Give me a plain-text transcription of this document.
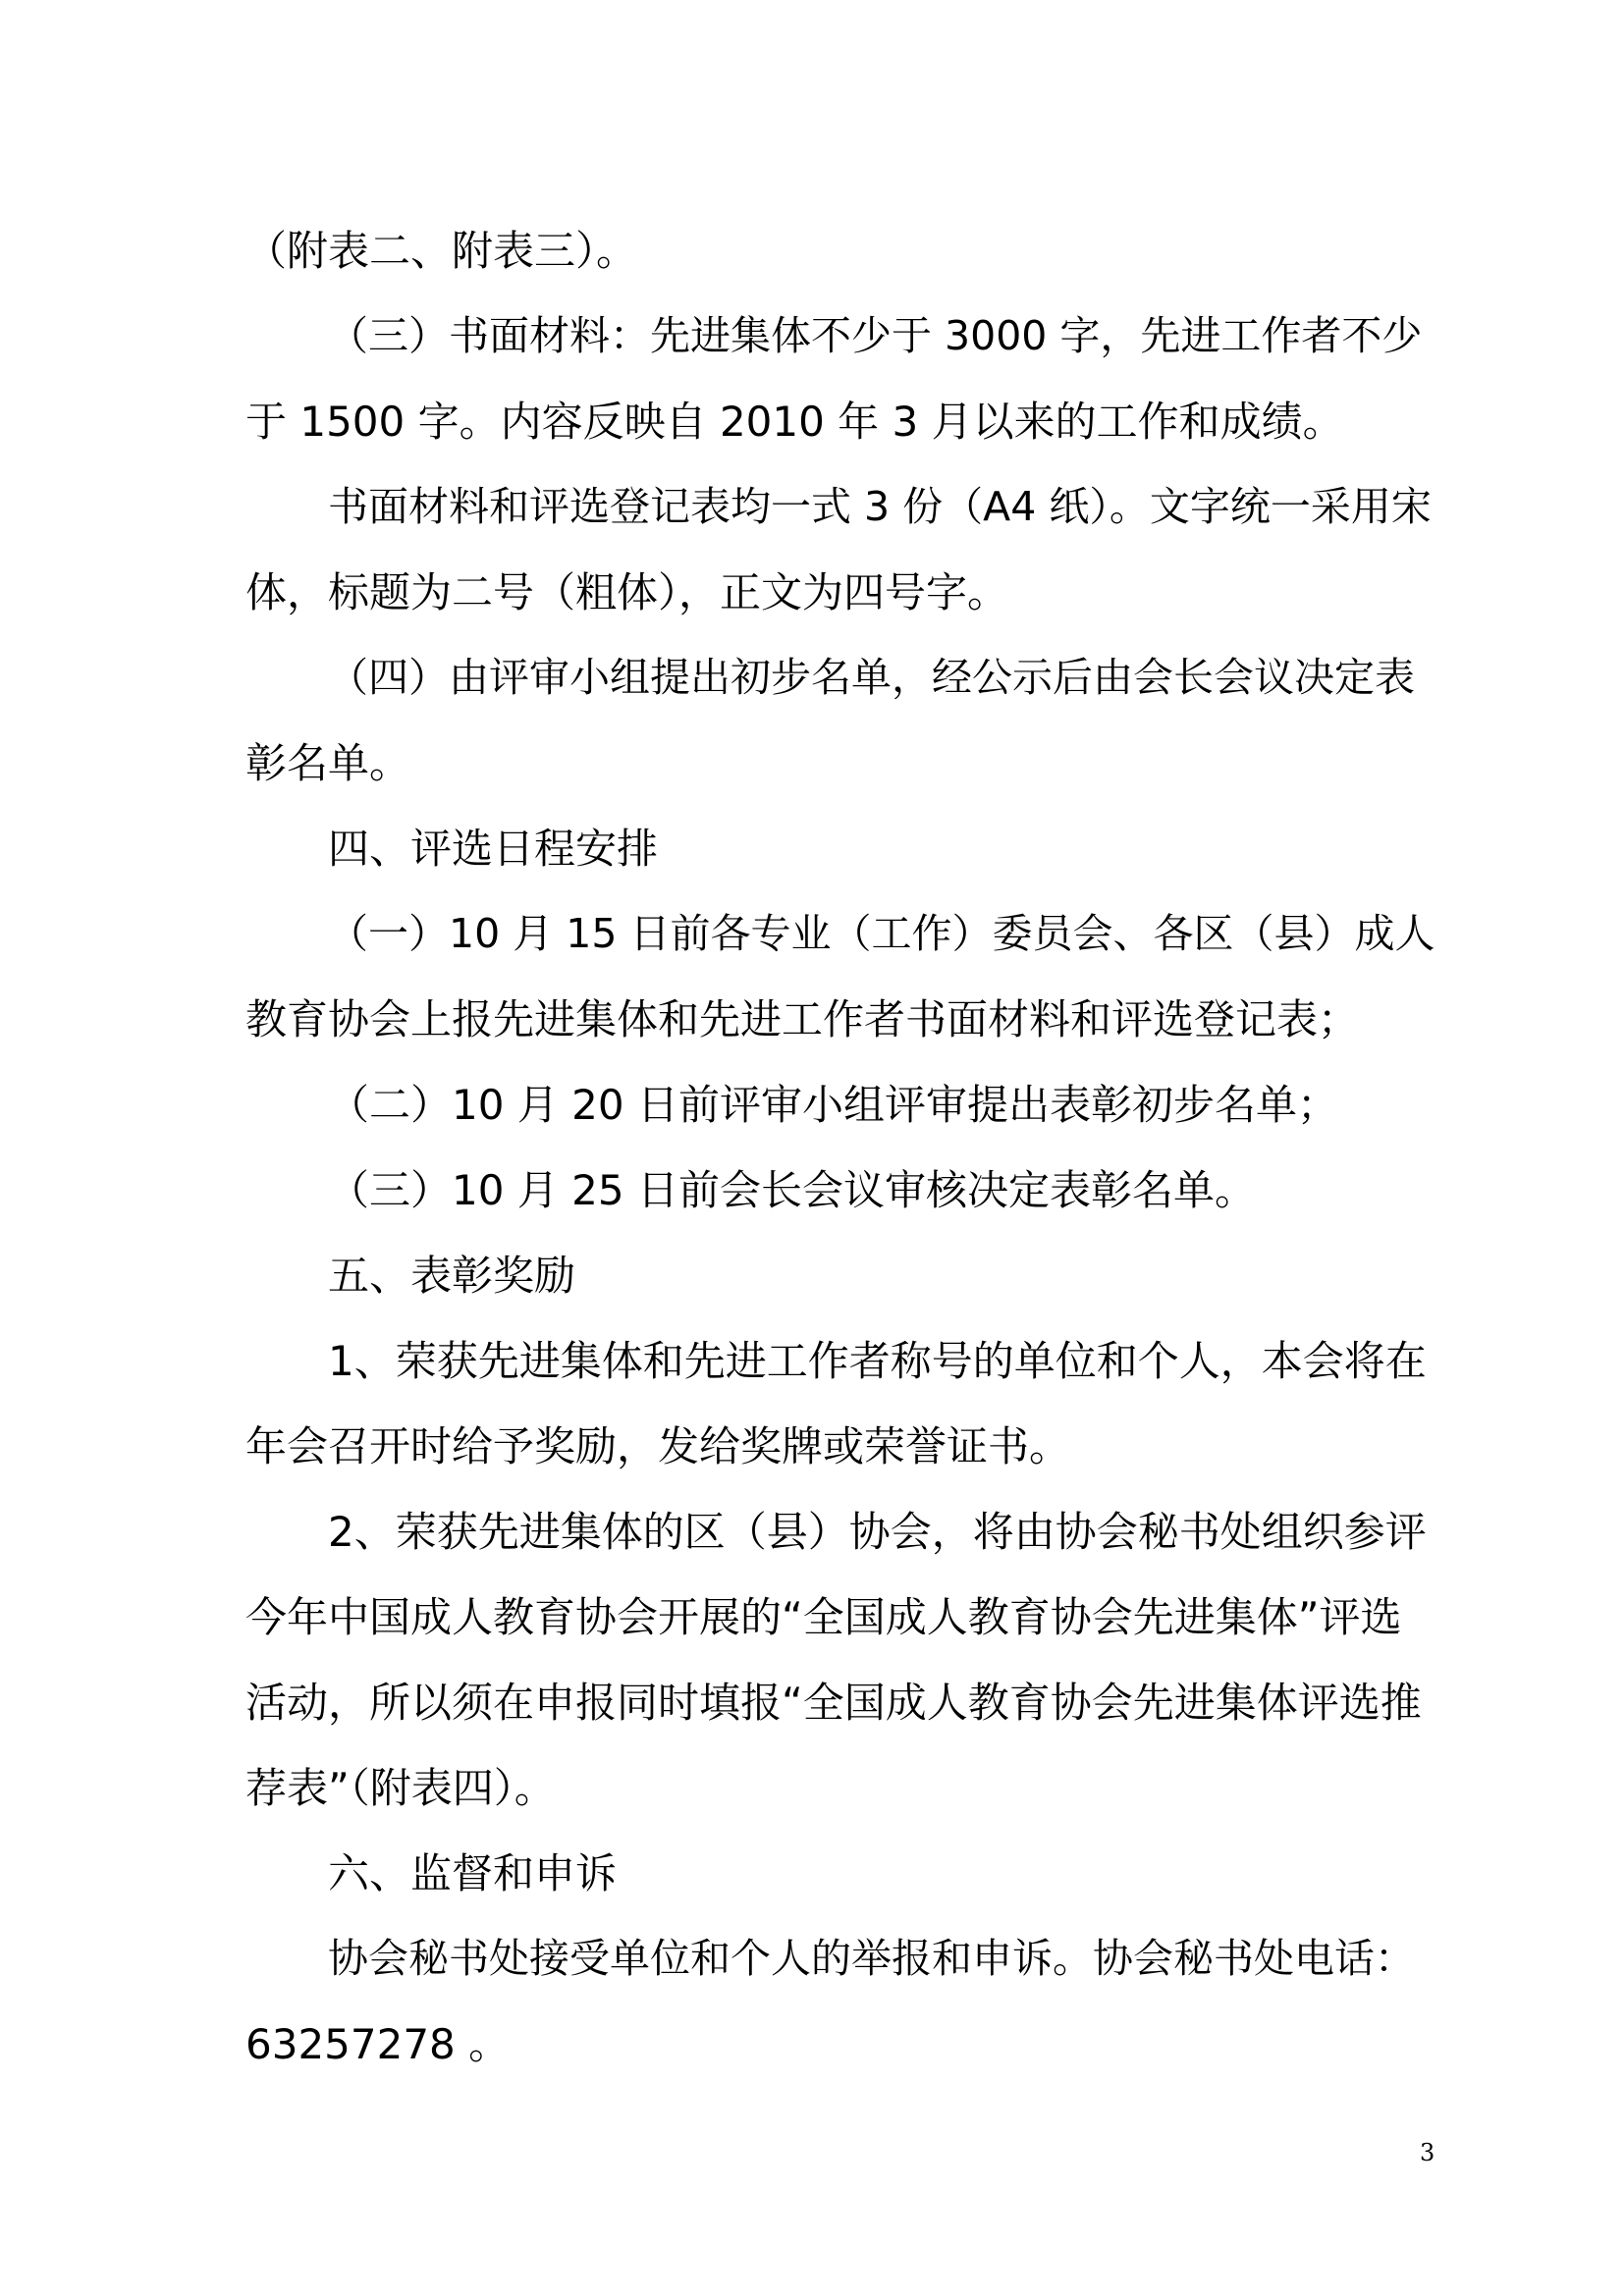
（附表二、附表三）。
（三）书面材料：先进集体不少于 3000 字，先进工作者不少
于 1500 字。内容反映自 2010 年 3 月以来的工作和成绩。
书面材料和评选登记表均一式 3 份（A4 纸）。文字统一采用宋
体，标题为二号（粗体），正文为四号字。
（四）由评审小组提出初步名单，经公示后由会长会议决定表
彰名单。
四、评选日程安排
（一）10 月 15 日前各专业（工作）委员会、各区（县）成人
教育协会上报先进集体和先进工作者书面材料和评选登记表；
（二）10 月 20 日前评审小组评审提出表彰初步名单；
（三）10 月 25 日前会长会议审核决定表彰名单。
五、表彰奖励
1、荣获先进集体和先进工作者称号的单位和个人，本会将在
年会召开时给予奖励，发给奖牌或荣誉证书。
2、荣获先进集体的区（县）协会，将由协会秘书处组织参评
今年中国成人教育协会开展的“全国成人教育协会先进集体”评选
活动，所以须在申报同时填报“全国成人教育协会先进集体评选推
荐表”（附表四）。
六、监督和申诉
协会秘书处接受单位和个人的举报和申诉。协会秘书处电话：
63257278 。
3
